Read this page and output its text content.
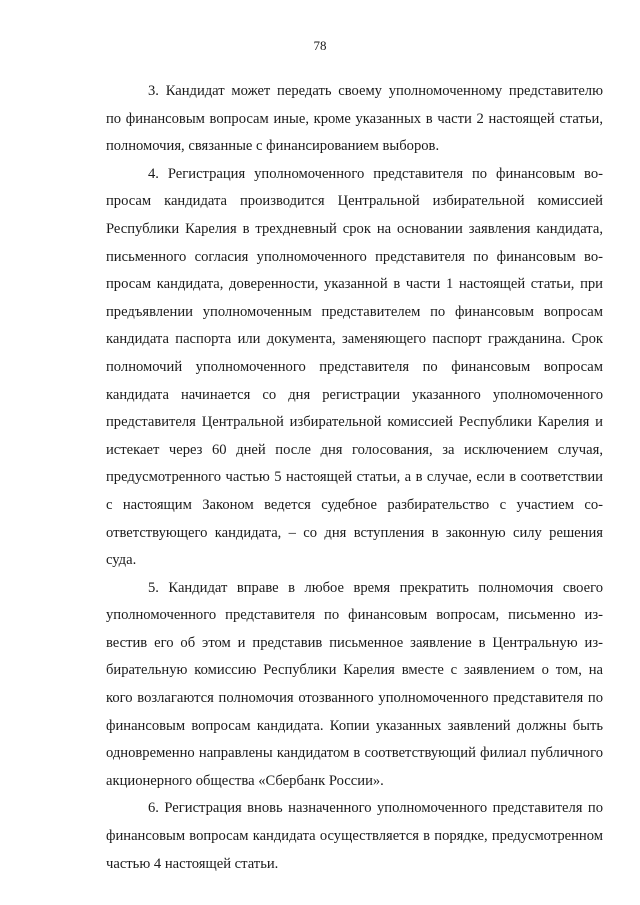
78

3. Кандидат может передать своему уполномоченному представителю по финансовым вопросам иные, кроме указанных в части 2 настоящей статьи, полномочия, связанные с финансированием выборов.

4. Регистрация уполномоченного представителя по финансовым вопросам кандидата производится Центральной избирательной комиссией Республики Карелия в трехдневный срок на основании заявления кандидата, письменного согласия уполномоченного представителя по финансовым вопросам кандидата, доверенности, указанной в части 1 настоящей статьи, при предъявлении уполномоченным представителем по финансовым вопросам кандидата паспорта или документа, заменяющего паспорт гражданина. Срок полномочий уполномоченного представителя по финансовым вопросам кандидата начинается со дня регистрации указанного уполномоченного представителя Центральной избирательной комиссией Республики Карелия и истекает через 60 дней после дня голосования, за исключением случая, предусмотренного частью 5 настоящей статьи, а в случае, если в соответствии с настоящим Законом ведется судебное разбирательство с участием соответствующего кандидата, – со дня вступления в законную силу решения суда.

5. Кандидат вправе в любое время прекратить полномочия своего уполномоченного представителя по финансовым вопросам, письменно известив его об этом и представив письменное заявление в Центральную избирательную комиссию Республики Карелия вместе с заявлением о том, на кого возлагаются полномочия отозванного уполномоченного представителя по финансовым вопросам кандидата. Копии указанных заявлений должны быть одновременно направлены кандидатом в соответствующий филиал публичного акционерного общества «Сбербанк России».

6. Регистрация вновь назначенного уполномоченного представителя по финансовым вопросам кандидата осуществляется в порядке, предусмотренном частью 4 настоящей статьи.
